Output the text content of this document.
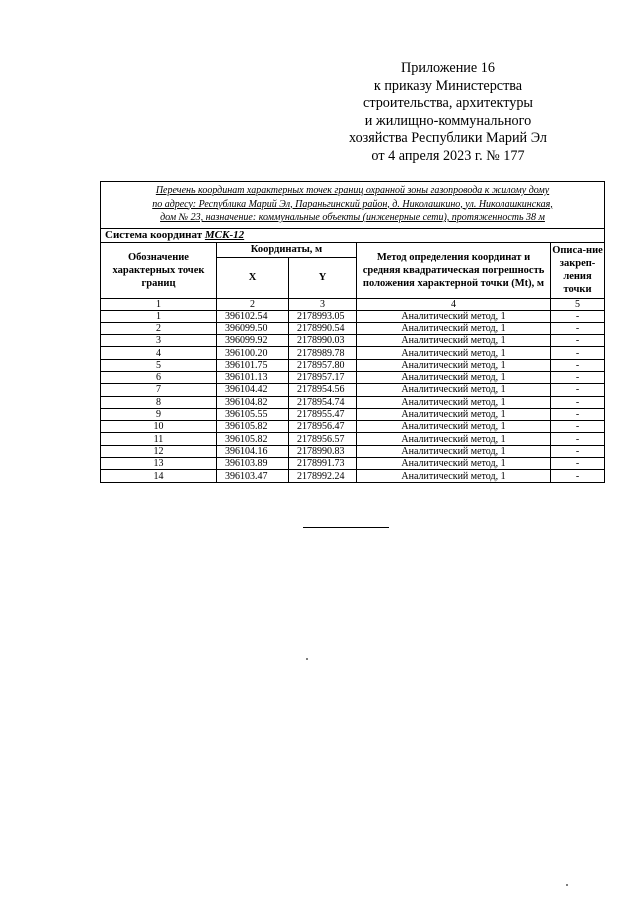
Приложение 16
к приказу Министерства
строительства, архитектуры
и жилищно-коммунального
хозяйства Республики Марий Эл
от 4 апреля 2023 г. № 177
Перечень координат характерных точек границ охранной зоны газопровода к жилому дому
по адресу: Республика Марий Эл, Параньгинский район, д. Николашкино, ул. Николашкинская,
дом № 23, назначение: коммунальные объекты (инженерные сети), протяженность 38 м				

Система координат МСК-12				
Обозначение характерных точек границ	Координаты, м		Метод определения координат и средняя квадратическая погрешность положения характерной точки (Mt), м	Описа-ние закреп-ления точки
	X	Y		
1	2	3	4	5
1	396102.54	2178993.05	Аналитический метод, 1	-
2	396099.50	2178990.54	Аналитический метод, 1	-
3	396099.92	2178990.03	Аналитический метод, 1	-
4	396100.20	2178989.78	Аналитический метод, 1	-
5	396101.75	2178957.80	Аналитический метод, 1	-
6	396101.13	2178957.17	Аналитический метод, 1	-
7	396104.42	2178954.56	Аналитический метод, 1	-
8	396104.82	2178954.74	Аналитический метод, 1	-
9	396105.55	2178955.47	Аналитический метод, 1	-
10	396105.82	2178956.47	Аналитический метод, 1	-
11	396105.82	2178956.57	Аналитический метод, 1	-
12	396104.16	2178990.83	Аналитический метод, 1	-
13	396103.89	2178991.73	Аналитический метод, 1	-
14	396103.47	2178992.24	Аналитический метод, 1	-
